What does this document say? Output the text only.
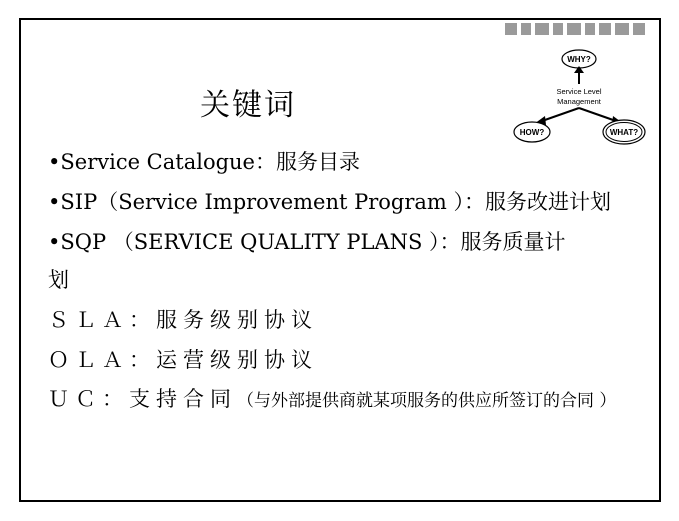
关键词
WHY?
Service Level
Management
HOW?	WHAT?
•Service Catalogue：服务目录
•SIP（Service Improvement Program ）：服务改进计划
•SQP （SERVICE QUALITY PLANS ）：服务质量计
划
ＳＬＡ：服务级别协议
ＯＬＡ：运营级别协议
ＵＣ：支持合同（与外部提供商就某项服务的供应所签订的合同 ）
